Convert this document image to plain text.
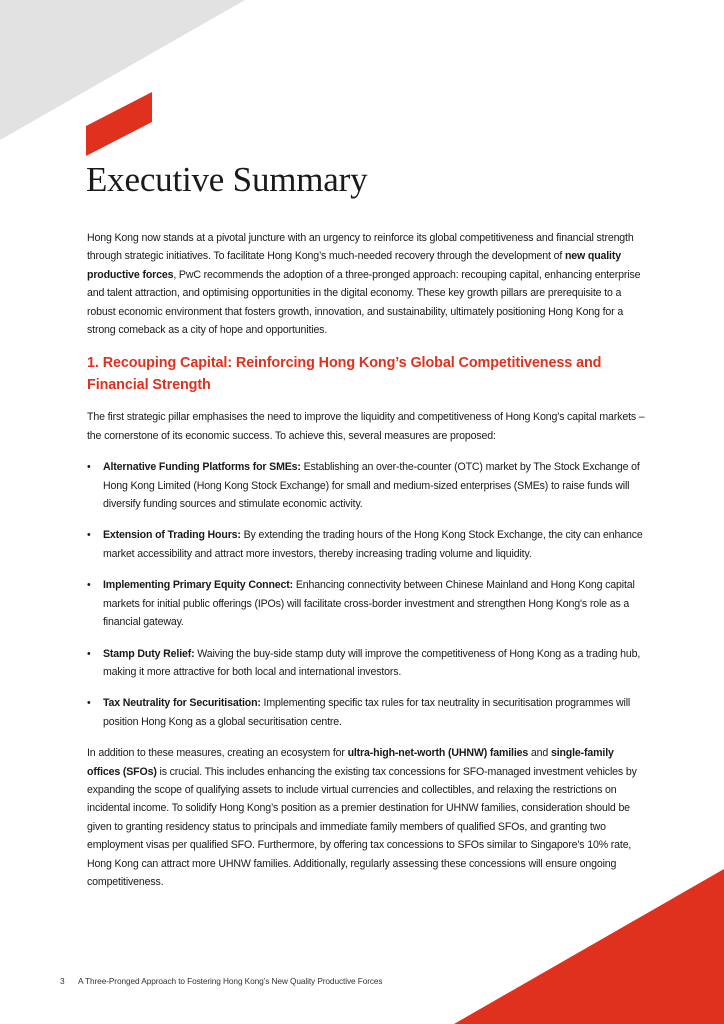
Executive Summary

Hong Kong now stands at a pivotal juncture with an urgency to reinforce its global competitiveness and financial strength through strategic initiatives. To facilitate Hong Kong’s much-needed recovery through the development of new quality productive forces, PwC recommends the adoption of a three-pronged approach: recouping capital, enhancing enterprise and talent attraction, and optimising opportunities in the digital economy. These key growth pillars are prerequisite to a robust economic environment that fosters growth, innovation, and sustainability, ultimately positioning Hong Kong for a strong comeback as a city of hope and opportunities.

1. Recouping Capital: Reinforcing Hong Kong’s Global Competitiveness and Financial Strength

The first strategic pillar emphasises the need to improve the liquidity and competitiveness of Hong Kong's capital markets – the cornerstone of its economic success. To achieve this, several measures are proposed:

• Alternative Funding Platforms for SMEs: Establishing an over-the-counter (OTC) market by The Stock Exchange of Hong Kong Limited (Hong Kong Stock Exchange) for small and medium-sized enterprises (SMEs) to raise funds will diversify funding sources and stimulate economic activity.
• Extension of Trading Hours: By extending the trading hours of the Hong Kong Stock Exchange, the city can enhance market accessibility and attract more investors, thereby increasing trading volume and liquidity.
• Implementing Primary Equity Connect: Enhancing connectivity between Chinese Mainland and Hong Kong capital markets for initial public offerings (IPOs) will facilitate cross-border investment and strengthen Hong Kong's role as a financial gateway.
• Stamp Duty Relief: Waiving the buy-side stamp duty will improve the competitiveness of Hong Kong as a trading hub, making it more attractive for both local and international investors.
• Tax Neutrality for Securitisation: Implementing specific tax rules for tax neutrality in securitisation programmes will position Hong Kong as a global securitisation centre.

In addition to these measures, creating an ecosystem for ultra-high-net-worth (UHNW) families and single-family offices (SFOs) is crucial. This includes enhancing the existing tax concessions for SFO-managed investment vehicles by expanding the scope of qualifying assets to include virtual currencies and collectibles, and relaxing the restrictions on incidental income. To solidify Hong Kong’s position as a premier destination for UHNW families, consideration should be given to granting residency status to principals and immediate family members of qualified SFOs, and granting two employment visas per qualified SFO. Furthermore, by offering tax concessions to SFOs similar to Singapore's 10% rate, Hong Kong can attract more UHNW families. Additionally, regularly assessing these concessions will ensure ongoing competitiveness.

3 A Three-Pronged Approach to Fostering Hong Kong’s New Quality Productive Forces
